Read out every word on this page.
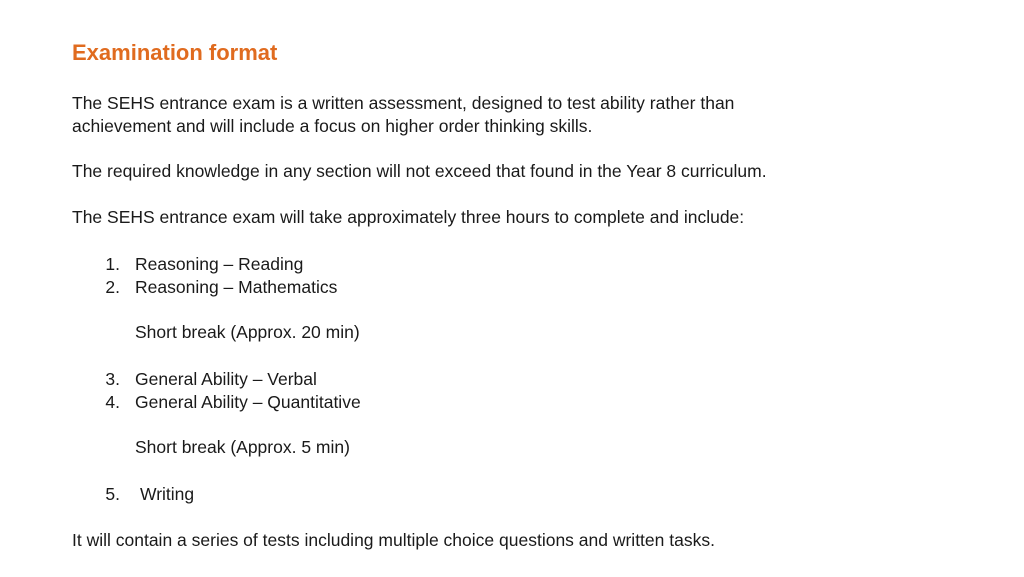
Examination format
The SEHS entrance exam is a written assessment, designed to test ability rather than
achievement and will include a focus on higher order thinking skills.
The required knowledge in any section will not exceed that found in the Year 8 curriculum.
The SEHS entrance exam will take approximately three hours to complete and include:
1. Reasoning – Reading
2. Reasoning – Mathematics
Short break (Approx. 20 min)
3. General Ability – Verbal
4. General Ability – Quantitative
Short break (Approx. 5 min)
5. Writing
It will contain a series of tests including multiple choice questions and written tasks.
